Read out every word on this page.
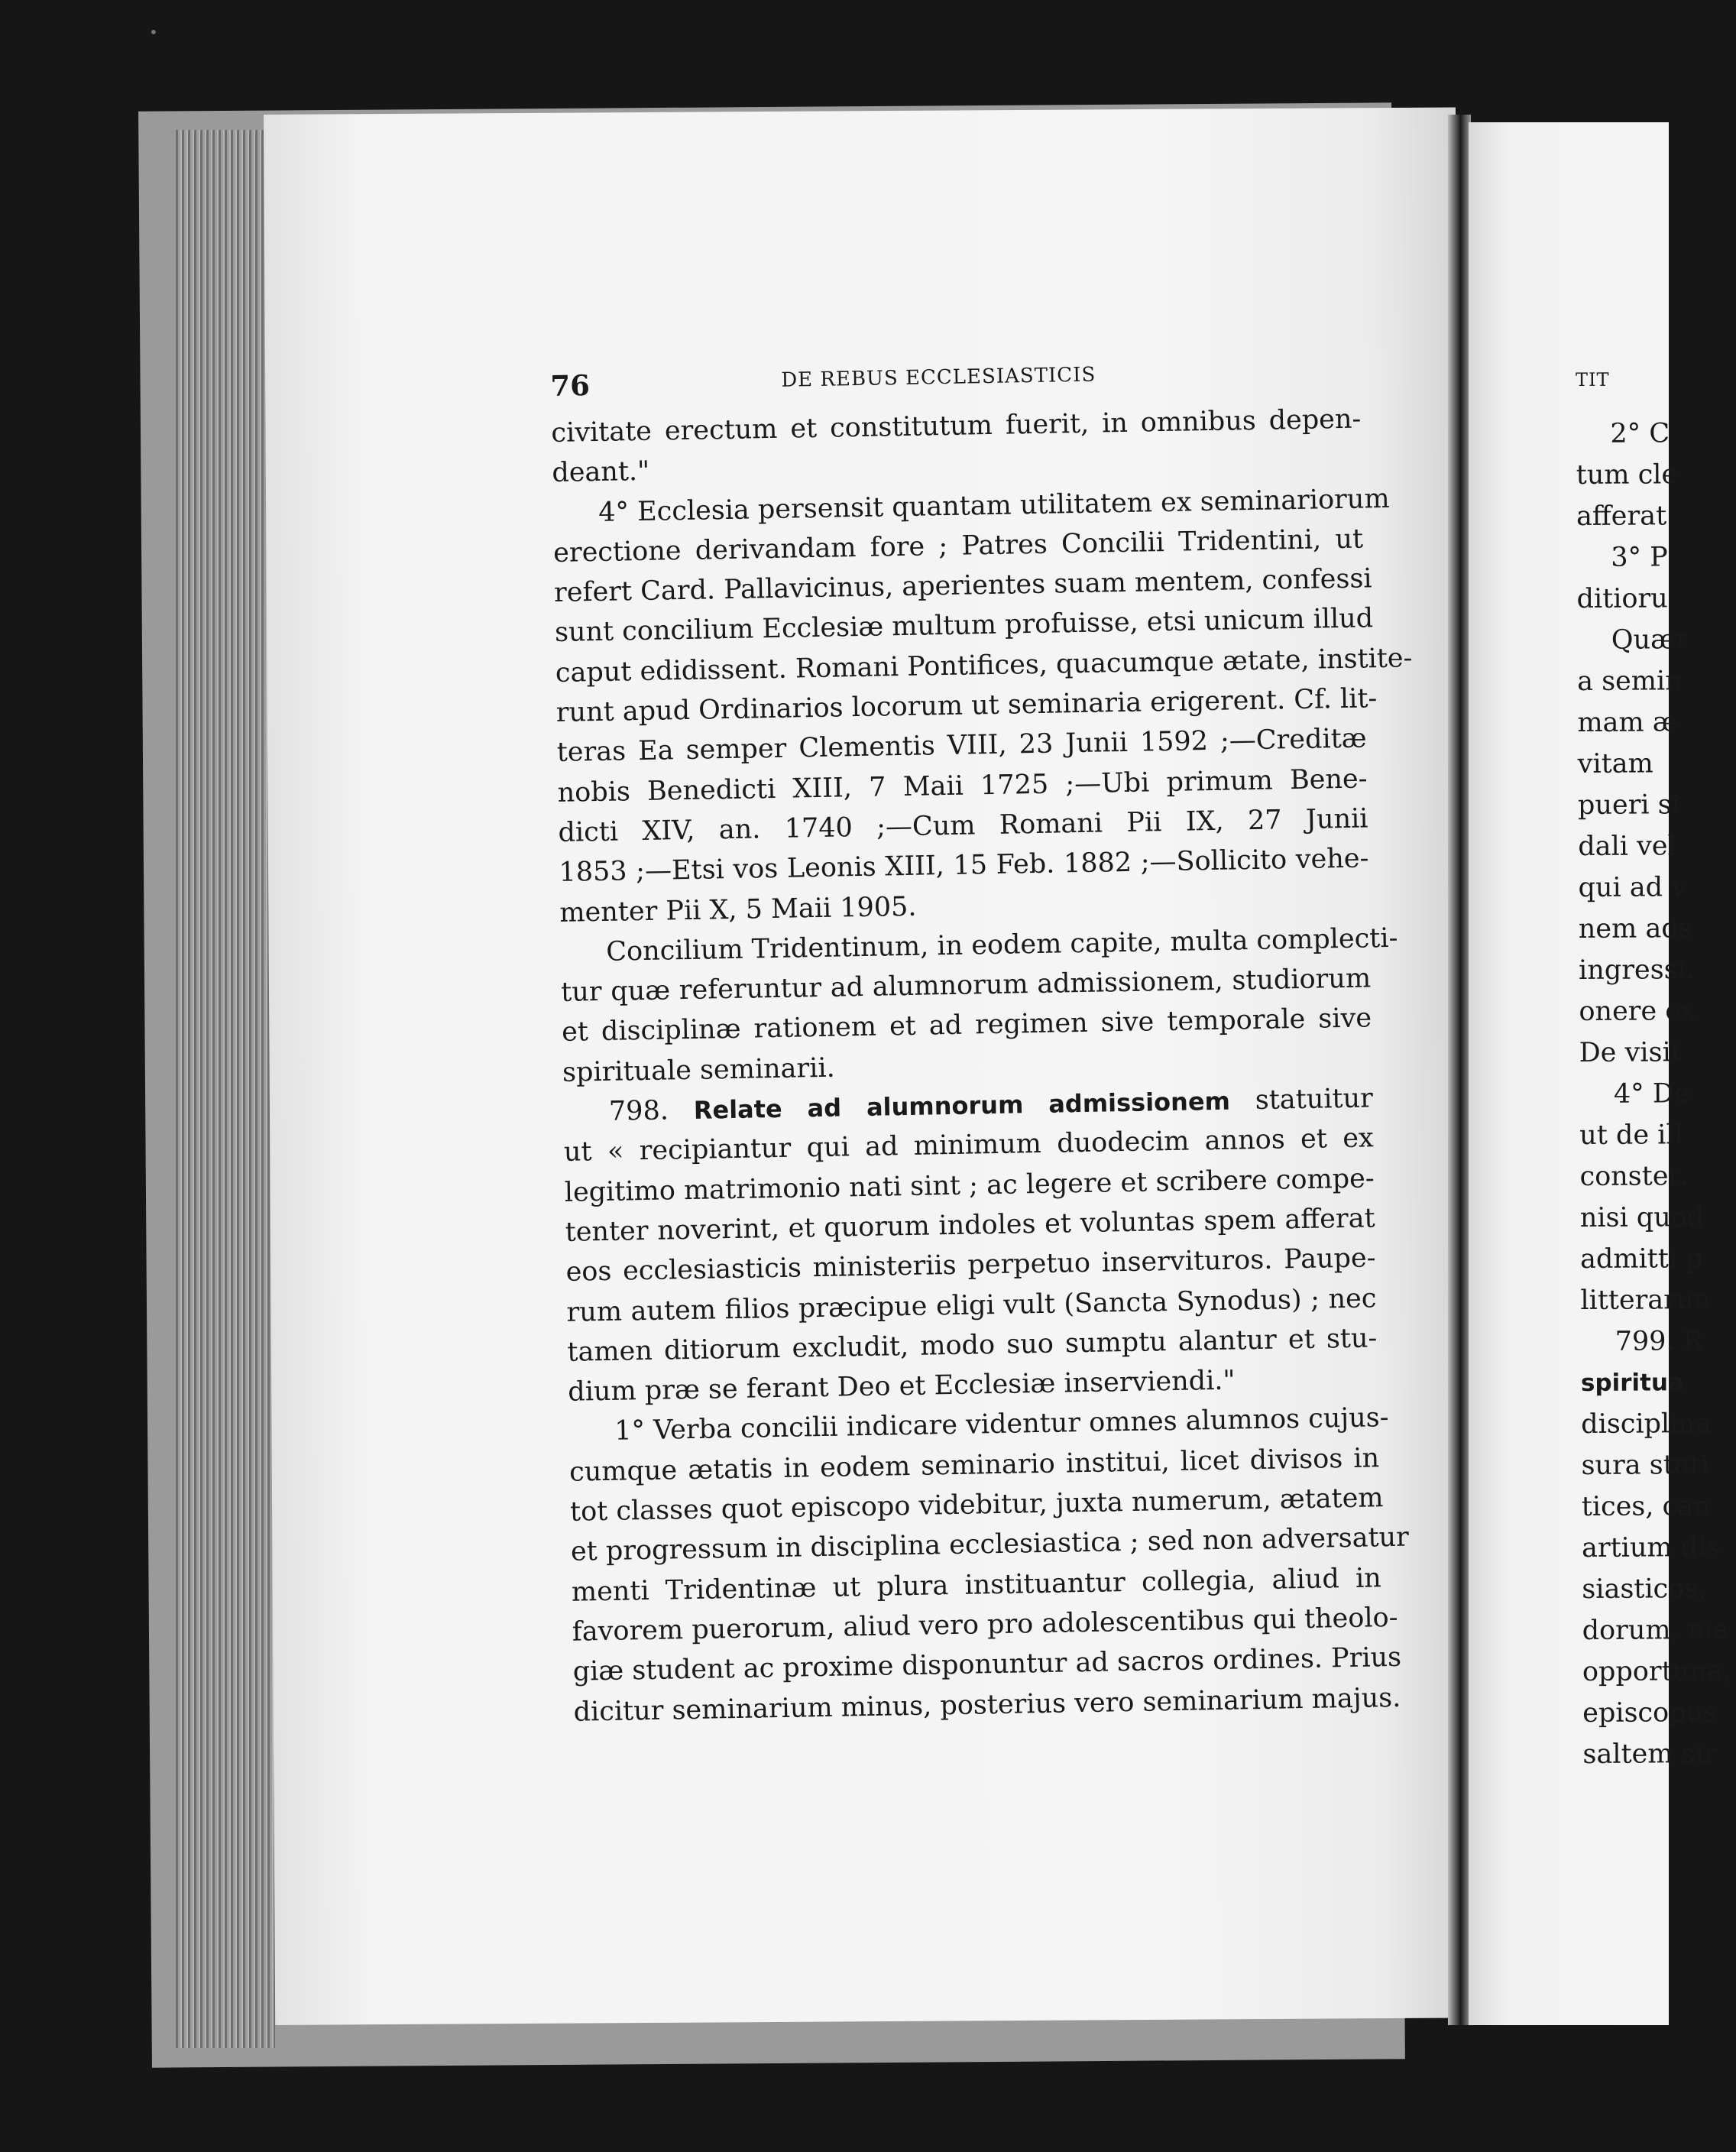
•
76	DE REBUS ECCLESIASTICIS
civitate erectum et constitutum fuerit, in omnibus depen-
deant."
4° Ecclesia persensit quantam utilitatem ex seminariorum
erectione derivandam fore ; Patres Concilii Tridentini, ut
refert Card. Pallavicinus, aperientes suam mentem, confessi
sunt concilium Ecclesiæ multum profuisse, etsi unicum illud
caput edidissent. Romani Pontifices, quacumque ætate, instite-
runt apud Ordinarios locorum ut seminaria erigerent. Cf. lit-
teras Ea semper Clementis VIII, 23 Junii 1592 ;—Creditæ
nobis Benedicti XIII, 7 Maii 1725 ;—Ubi primum Bene-
dicti XIV, an. 1740 ;—Cum Romani Pii IX, 27 Junii
1853 ;—Etsi vos Leonis XIII, 15 Feb. 1882 ;—Sollicito vehe-
menter Pii X, 5 Maii 1905.
Concilium Tridentinum, in eodem capite, multa complecti-
tur quæ referuntur ad alumnorum admissionem, studiorum
et disciplinæ rationem et ad regimen sive temporale sive
spirituale seminarii.
798. Relate ad alumnorum admissionem statuitur
ut « recipiantur qui ad minimum duodecim annos et ex
legitimo matrimonio nati sint ; ac legere et scribere compe-
tenter noverint, et quorum indoles et voluntas spem afferat
eos ecclesiasticis ministeriis perpetuo inservituros. Paupe-
rum autem filios præcipue eligi vult (Sancta Synodus) ; nec
tamen ditiorum excludit, modo suo sumptu alantur et stu-
dium præ se ferant Deo et Ecclesiæ inserviendi."
1° Verba concilii indicare videntur omnes alumnos cujus-
cumque ætatis in eodem seminario institui, licet divisos in
tot classes quot episcopo videbitur, juxta numerum, ætatem
et progressum in disciplina ecclesiastica ; sed non adversatur
menti Tridentinæ ut plura instituantur collegia, aliud in
favorem puerorum, aliud vero pro adolescentibus qui theolo-
giæ student ac proxime disponuntur ad sacros ordines. Prius
dicitur seminarium minus, posterius vero seminarium majus.
TIT
2° C
tum cle
afferat
3° P
ditioru
Quær
a semin
mam æ
vitam
pueri si
dali vel
qui ad v
nem ads
ingressi.
onere ex
De visit
4° De
ut de ill
constet.
nisi quod
admitti p
litterarun
799. R
spiritua
disciplina
sura stati
tices, can
artium dis
siasticos,
dorum, ma
opportuna,
episcopus
saltem sir
